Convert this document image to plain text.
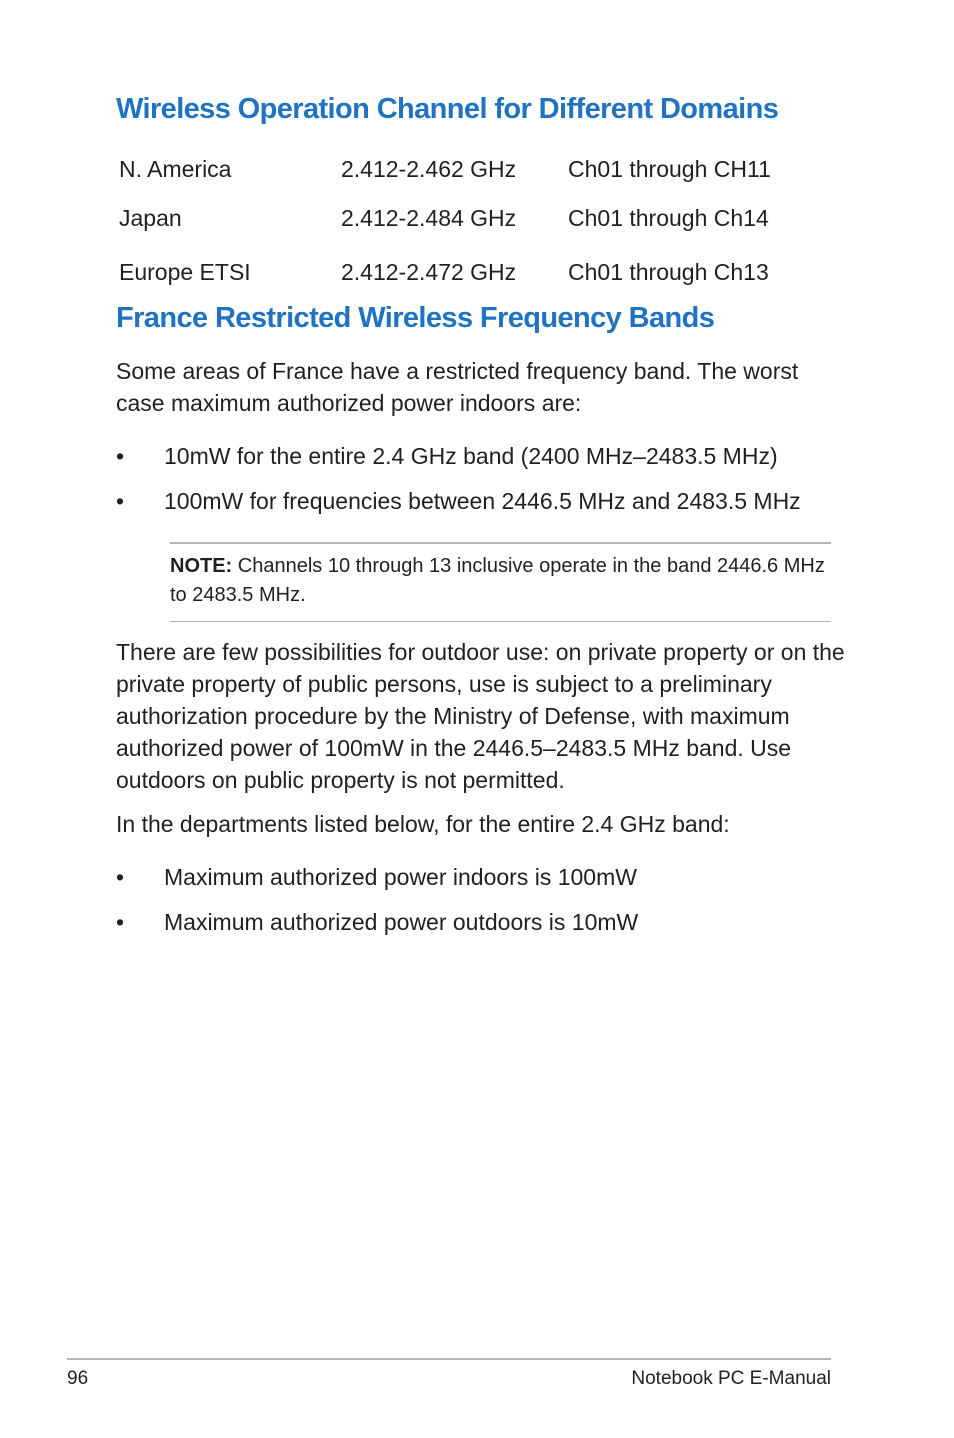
Wireless Operation Channel for Different Domains
N. America	2.412-2.462 GHz Ch01 through CH11
Japan	2.412-2.484 GHz Ch01 through Ch14
Europe ETSI	2.412-2.472 GHz Ch01 through Ch13
France Restricted Wireless Frequency Bands

Some areas of France have a restricted frequency band. The worst case maximum authorized power indoors are:

• 10mW for the entire 2.4 GHz band (2400 MHz–2483.5 MHz)
• 100mW for frequencies between 2446.5 MHz and 2483.5 MHz

NOTE: Channels 10 through 13 inclusive operate in the band 2446.6 MHz to 2483.5 MHz.

There are few possibilities for outdoor use: on private property or on the private property of public persons, use is subject to a preliminary authorization procedure by the Ministry of Defense, with maximum authorized power of 100mW in the 2446.5–2483.5 MHz band. Use outdoors on public property is not permitted.

In the departments listed below, for the entire 2.4 GHz band:

• Maximum authorized power indoors is 100mW
• Maximum authorized power outdoors is 10mW
96	Notebook PC E-Manual
